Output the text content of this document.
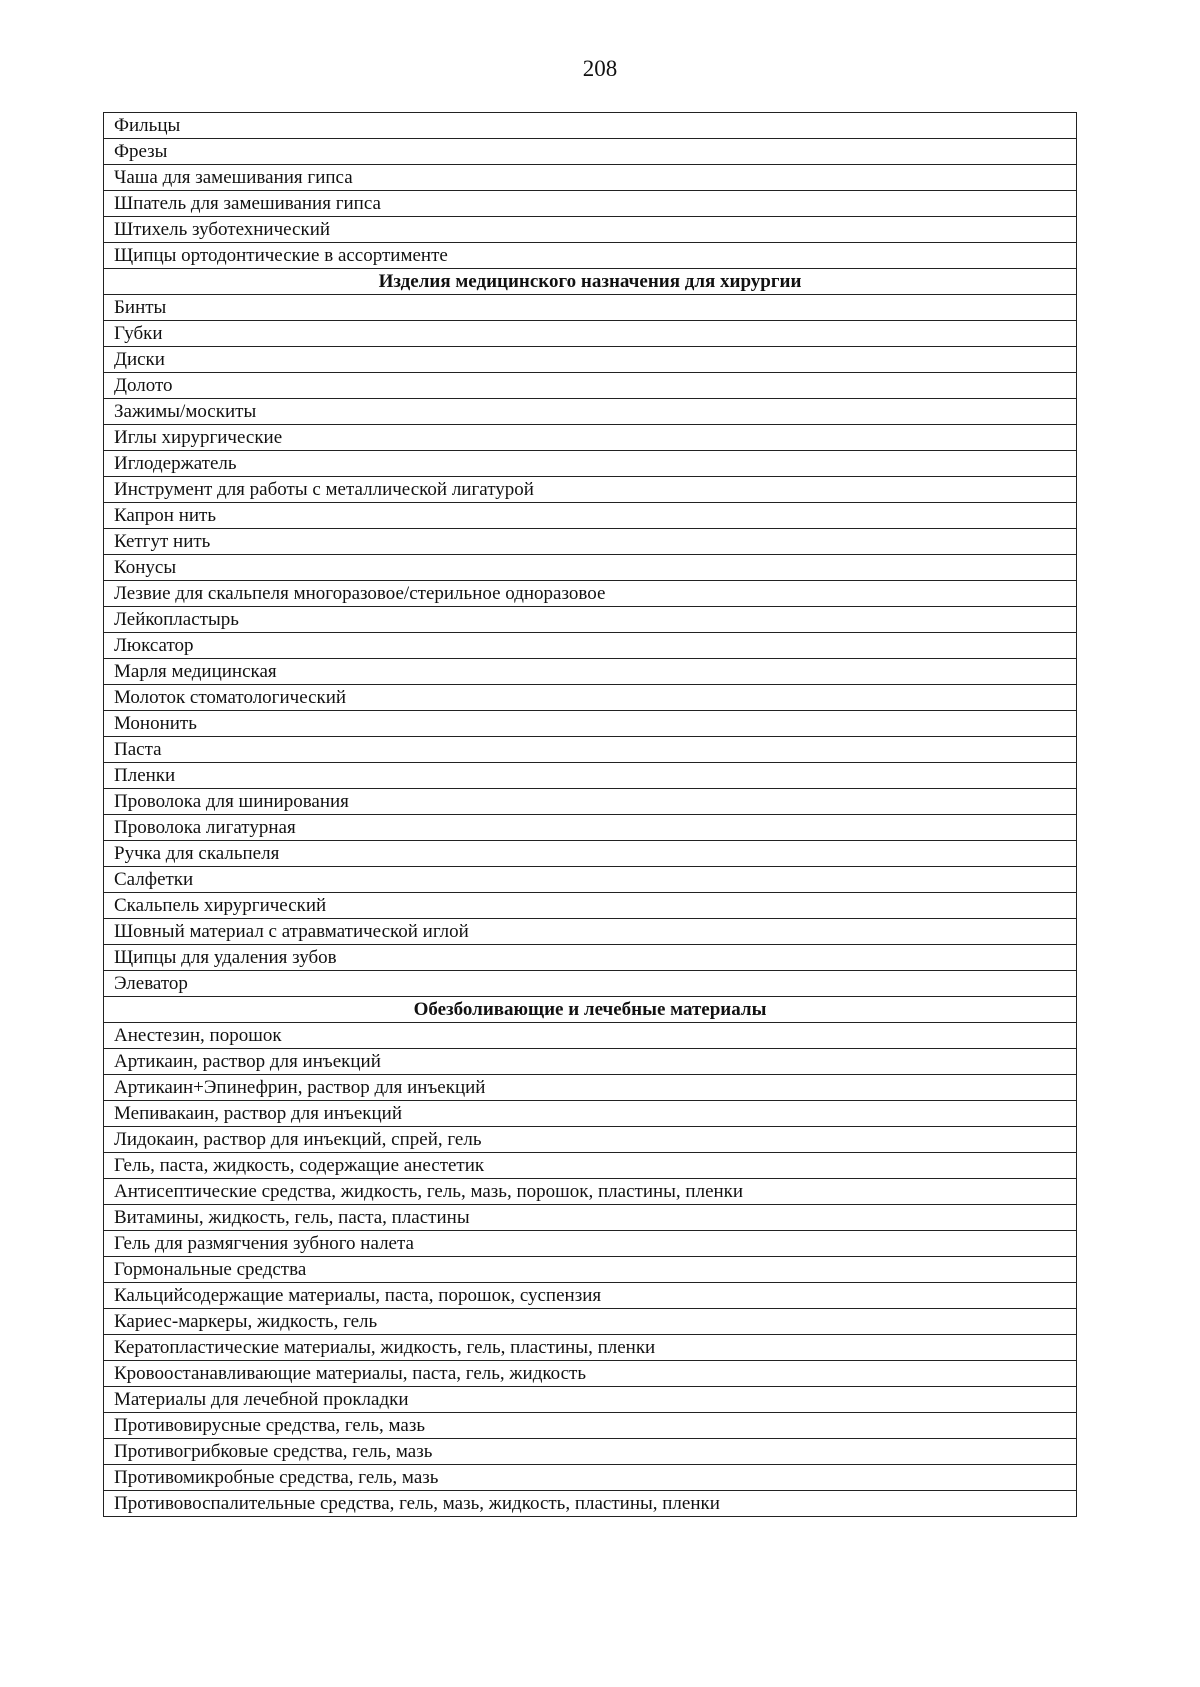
208
Фильцы
Фрезы
Чаша для замешивания гипса
Шпатель для замешивания гипса
Штихель зуботехнический
Щипцы ортодонтические в ассортименте
Изделия медицинского назначения для хирургии
Бинты
Губки
Диски
Долото
Зажимы/москиты
Иглы хирургические
Иглодержатель
Инструмент для работы с металлической лигатурой
Капрон нить
Кетгут нить
Конусы
Лезвие для скальпеля многоразовое/стерильное одноразовое
Лейкопластырь
Люксатор
Марля медицинская
Молоток стоматологический
Мононить
Паста
Пленки
Проволока для шинирования
Проволока лигатурная
Ручка для скальпеля
Салфетки
Скальпель хирургический
Шовный материал с атравматической иглой
Щипцы для удаления зубов
Элеватор
Обезболивающие и лечебные материалы
Анестезин, порошок
Артикаин, раствор для инъекций
Артикаин+Эпинефрин, раствор для инъекций
Мепивакаин, раствор для инъекций
Лидокаин, раствор для инъекций, спрей, гель
Гель, паста, жидкость, содержащие анестетик
Антисептические средства, жидкость, гель, мазь, порошок, пластины, пленки
Витамины, жидкость, гель, паста, пластины
Гель для размягчения зубного налета
Гормональные средства
Кальцийсодержащие материалы, паста, порошок, суспензия
Кариес-маркеры, жидкость, гель
Кератопластические материалы, жидкость, гель, пластины, пленки
Кровоостанавливающие материалы, паста, гель, жидкость
Материалы для лечебной прокладки
Противовирусные средства, гель, мазь
Противогрибковые средства, гель, мазь
Противомикробные средства, гель, мазь
Противовоспалительные средства, гель, мазь, жидкость, пластины, пленки
